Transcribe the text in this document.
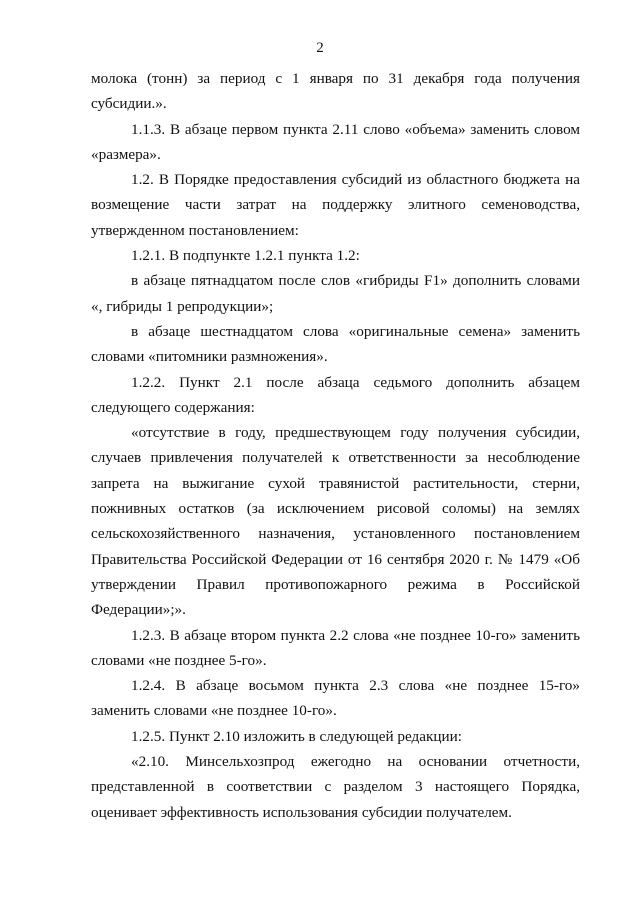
2

молока (тонн) за период с 1 января по 31 декабря года получения субсидии.».

1.1.3. В абзаце первом пункта 2.11 слово «объема» заменить словом «размера».

1.2. В Порядке предоставления субсидий из областного бюджета на возмещение части затрат на поддержку элитного семеноводства, утвержденном постановлением:

1.2.1. В подпункте 1.2.1 пункта 1.2:

в абзаце пятнадцатом после слов «гибриды F1» дополнить словами «, гибриды 1 репродукции»;

в абзаце шестнадцатом слова «оригинальные семена» заменить словами «питомники размножения».

1.2.2. Пункт 2.1 после абзаца седьмого дополнить абзацем следующего содержания:

«отсутствие в году, предшествующем году получения субсидии, случаев привлечения получателей к ответственности за несоблюдение запрета на выжигание сухой травянистой растительности, стерни, пожнивных остатков (за исключением рисовой соломы) на землях сельскохозяйственного назначения, установленного постановлением Правительства Российской Федерации от 16 сентября 2020 г. № 1479 «Об утверждении Правил противопожарного режима в Российской Федерации»;».

1.2.3. В абзаце втором пункта 2.2 слова «не позднее 10-го» заменить словами «не позднее 5-го».

1.2.4. В абзаце восьмом пункта 2.3 слова «не позднее 15-го» заменить словами «не позднее 10-го».

1.2.5. Пункт 2.10 изложить в следующей редакции:

«2.10. Минсельхозпрод ежегодно на основании отчетности, представленной в соответствии с разделом 3 настоящего Порядка, оценивает эффективность использования субсидии получателем.
